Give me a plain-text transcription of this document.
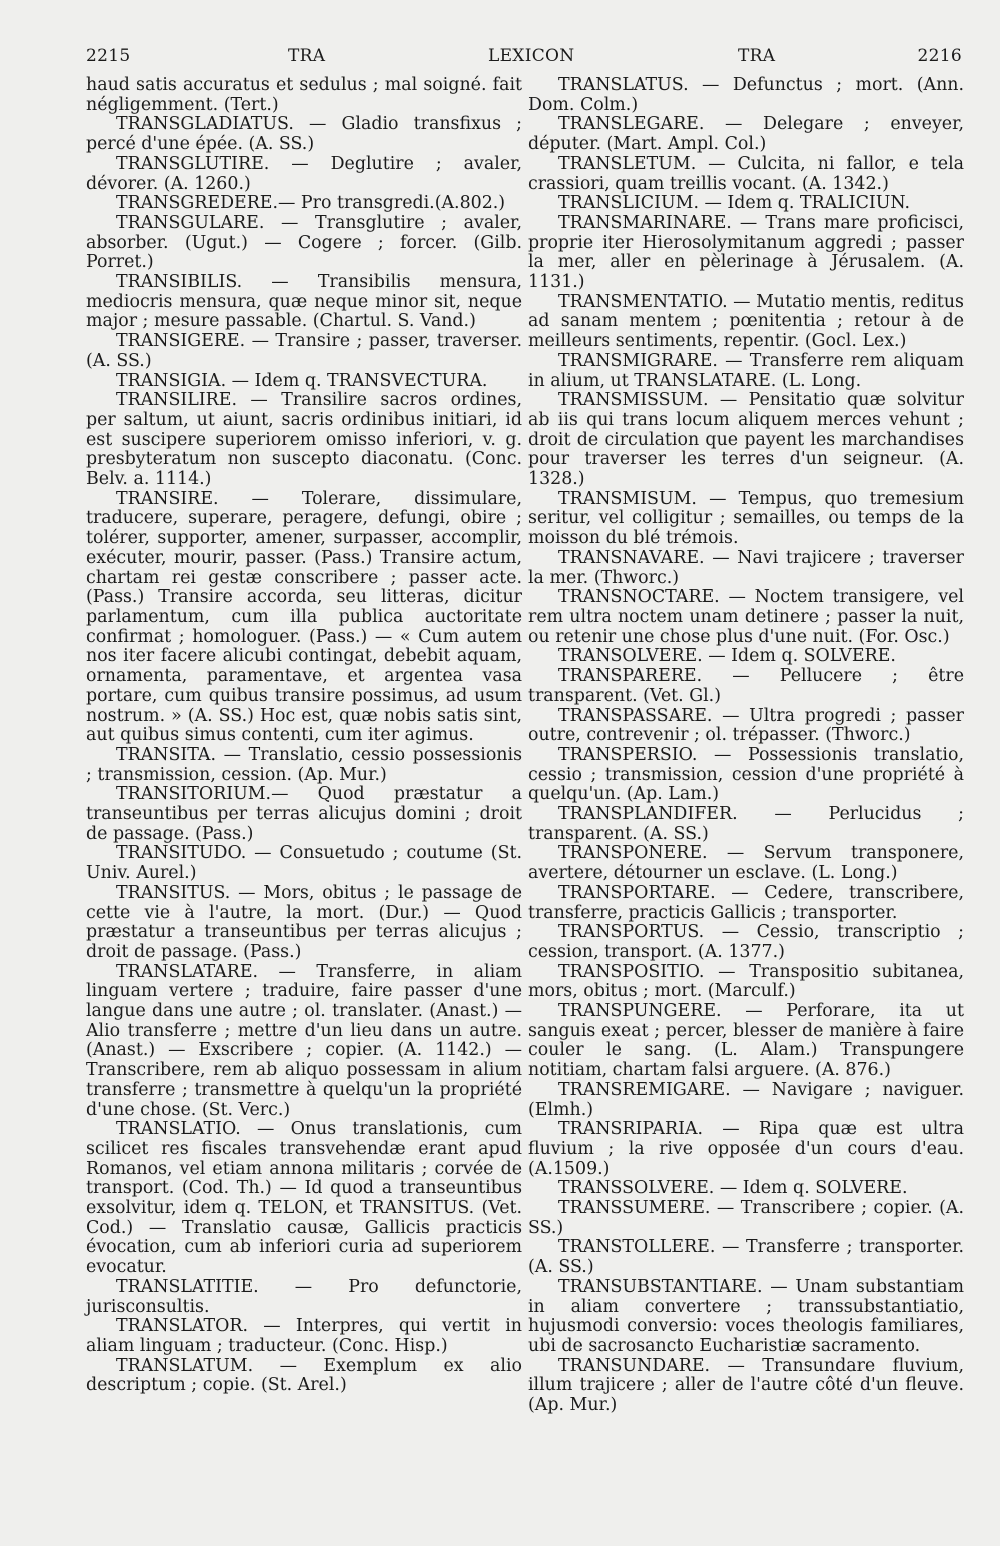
2215	TRA	LEXICON	TRA	2216

haud satis accuratus et sedulus ; mal soigné. fait négligemment. (Tert.)

TRANSGLADIATUS. — Gladio transfixus ; percé d'une épée. (A. SS.)

TRANSGLUTIRE. — Deglutire ; avaler, dévorer. (A. 1260.)

TRANSGREDERE.— Pro transgredi.(A.802.)

TRANSGULARE. — Transglutire ; avaler, absorber. (Ugut.) — Cogere ; forcer. (Gilb. Porret.)

TRANSIBILIS. — Transibilis mensura, mediocris mensura, quæ neque minor sit, neque major ; mesure passable. (Chartul. S. Vand.)

TRANSIGERE. — Transire ; passer, traverser. (A. SS.)

TRANSIGIA. — Idem q. TRANSVECTURA.

TRANSILIRE. — Transilire sacros ordines, per saltum, ut aiunt, sacris ordinibus initiari, id est suscipere superiorem omisso inferiori, v. g. presbyteratum non suscepto diaconatu. (Conc. Belv. a. 1114.)

TRANSIRE. — Tolerare, dissimulare, traducere, superare, peragere, defungi, obire ; tolérer, supporter, amener, surpasser, accomplir, exécuter, mourir, passer. (Pass.) Transire actum, chartam rei gestæ conscribere ; passer acte. (Pass.) Transire accorda, seu litteras, dicitur parlamentum, cum illa publica auctoritate confirmat ; homologuer. (Pass.) — « Cum autem nos iter facere alicubi contingat, debebit aquam, ornamenta, paramentave, et argentea vasa portare, cum quibus transire possimus, ad usum nostrum. » (A. SS.) Hoc est, quæ nobis satis sint, aut quibus simus contenti, cum iter agimus.

TRANSITA. — Translatio, cessio possessionis ; transmission, cession. (Ap. Mur.)

TRANSITORIUM.— Quod præstatur a transeuntibus per terras alicujus domini ; droit de passage. (Pass.)

TRANSITUDO. — Consuetudo ; coutume (St. Univ. Aurel.)

TRANSITUS. — Mors, obitus ; le passage de cette vie à l'autre, la mort. (Dur.) — Quod præstatur a transeuntibus per terras alicujus ; droit de passage. (Pass.)

TRANSLATARE. — Transferre, in aliam linguam vertere ; traduire, faire passer d'une langue dans une autre ; ol. translater. (Anast.) — Alio transferre ; mettre d'un lieu dans un autre. (Anast.) — Exscribere ; copier. (A. 1142.) — Transcribere, rem ab aliquo possessam in alium transferre ; transmettre à quelqu'un la propriété d'une chose. (St. Verc.)

TRANSLATIO. — Onus translationis, cum scilicet res fiscales transvehendæ erant apud Romanos, vel etiam annona militaris ; corvée de transport. (Cod. Th.) — Id quod a transeuntibus exsolvitur, idem q. TELON, et TRANSITUS. (Vet. Cod.) — Translatio causæ, Gallicis practicis évocation, cum ab inferiori curia ad superiorem evocatur.

TRANSLATITIE. — Pro defunctorie, jurisconsultis.

TRANSLATOR. — Interpres, qui vertit in aliam linguam ; traducteur. (Conc. Hisp.)

TRANSLATUM. — Exemplum ex alio descriptum ; copie. (St. Arel.)

TRANSLATUS. — Defunctus ; mort. (Ann. Dom. Colm.)

TRANSLEGARE. — Delegare ; enveyer, députer. (Mart. Ampl. Col.)

TRANSLETUM. — Culcita, ni fallor, e tela crassiori, quam treillis vocant. (A. 1342.)

TRANSLICIUM. — Idem q. TRALICIUN.

TRANSMARINARE. — Trans mare proficisci, proprie iter Hierosolymitanum aggredi ; passer la mer, aller en pèlerinage à Jérusalem. (A. 1131.)

TRANSMENTATIO. — Mutatio mentis, reditus ad sanam mentem ; pœnitentia ; retour à de meilleurs sentiments, repentir. (Gocl. Lex.)

TRANSMIGRARE. — Transferre rem aliquam in alium, ut TRANSLATARE. (L. Long.

TRANSMISSUM. — Pensitatio quæ solvitur ab iis qui trans locum aliquem merces vehunt ; droit de circulation que payent les marchandises pour traverser les terres d'un seigneur. (A. 1328.)

TRANSMISUM. — Tempus, quo tremesium seritur, vel colligitur ; semailles, ou temps de la moisson du blé trémois.

TRANSNAVARE. — Navi trajicere ; traverser la mer. (Thworc.)

TRANSNOCTARE. — Noctem transigere, vel rem ultra noctem unam detinere ; passer la nuit, ou retenir une chose plus d'une nuit. (For. Osc.)

TRANSOLVERE. — Idem q. SOLVERE.

TRANSPARERE. — Pellucere ; être transparent. (Vet. Gl.)

TRANSPASSARE. — Ultra progredi ; passer outre, contrevenir ; ol. trépasser. (Thworc.)

TRANSPERSIO. — Possessionis translatio, cessio ; transmission, cession d'une propriété à quelqu'un. (Ap. Lam.)

TRANSPLANDIFER. — Perlucidus ; transparent. (A. SS.)

TRANSPONERE. — Servum transponere, avertere, détourner un esclave. (L. Long.)

TRANSPORTARE. — Cedere, transcribere, transferre, practicis Gallicis ; transporter.

TRANSPORTUS. — Cessio, transcriptio ; cession, transport. (A. 1377.)

TRANSPOSITIO. — Transpositio subitanea, mors, obitus ; mort. (Marculf.)

TRANSPUNGERE. — Perforare, ita ut sanguis exeat ; percer, blesser de manière à faire couler le sang. (L. Alam.) Transpungere notitiam, chartam falsi arguere. (A. 876.)

TRANSREMIGARE. — Navigare ; naviguer. (Elmh.)

TRANSRIPARIA. — Ripa quæ est ultra fluvium ; la rive opposée d'un cours d'eau.(A.1509.)

TRANSSOLVERE. — Idem q. SOLVERE.

TRANSSUMERE. — Transcribere ; copier. (A. SS.)

TRANSTOLLERE. — Transferre ; transporter. (A. SS.)

TRANSUBSTANTIARE. — Unam substantiam in aliam convertere ; transsubstantiatio, hujusmodi conversio: voces theologis familiares, ubi de sacrosancto Eucharistiæ sacramento.

TRANSUNDARE. — Transundare fluvium, illum trajicere ; aller de l'autre côté d'un fleuve. (Ap. Mur.)
